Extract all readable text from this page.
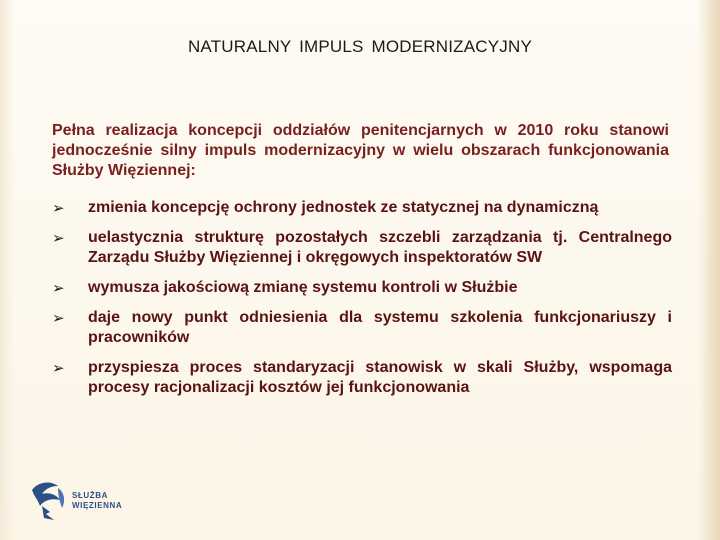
NATURALNY IMPULS MODERNIZACYJNY
Pełna realizacja koncepcji oddziałów penitencjarnych w 2010 roku stanowi jednocześnie silny impuls modernizacyjny w wielu obszarach funkcjonowania Służby Więziennej:
➢	zmienia koncepcję ochrony jednostek ze statycznej na dynamiczną
➢	uelastycznia strukturę pozostałych szczebli zarządzania tj. Centralnego Zarządu Służby Więziennej i okręgowych inspektoratów SW
➢	wymusza jakościową zmianę systemu kontroli w Służbie
➢	daje nowy punkt odniesienia dla systemu szkolenia funkcjonariuszy i pracowników
➢	przyspiesza proces standaryzacji stanowisk w skali Służby, wspomaga procesy racjonalizacji kosztów jej funkcjonowania
SŁUŻBA
WIĘZIENNA
